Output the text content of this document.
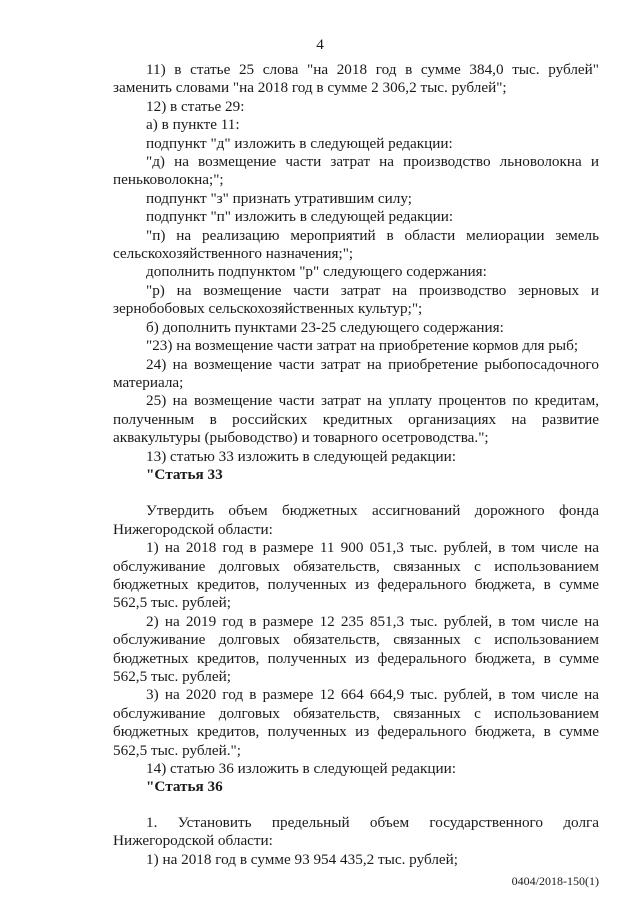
4

11) в статье 25 слова "на 2018 год в сумме 384,0 тыс. рублей" заменить словами "на 2018 год в сумме 2 306,2 тыс. рублей";

12) в статье 29:

а) в пункте 11:

подпункт "д" изложить в следующей редакции:

"д) на возмещение части затрат на производство льноволокна и пеньковолокна;";

подпункт "з" признать утратившим силу;

подпункт "п" изложить в следующей редакции:

"п) на реализацию мероприятий в области мелиорации земель сельскохозяйственного назначения;";

дополнить подпунктом "р" следующего содержания:

"р) на возмещение части затрат на производство зерновых и зернобобовых сельскохозяйственных культур;";

б) дополнить пунктами 23-25 следующего содержания:

"23) на возмещение части затрат на приобретение кормов для рыб;

24) на возмещение части затрат на приобретение рыбопосадочного материала;

25) на возмещение части затрат на уплату процентов по кредитам, полученным в российских кредитных организациях на развитие аквакультуры (рыбоводство) и товарного осетроводства.";

13) статью 33 изложить в следующей редакции:

"Статья 33

Утвердить объем бюджетных ассигнований дорожного фонда Нижегородской области:

1) на 2018 год в размере 11 900 051,3 тыс. рублей, в том числе на обслуживание долговых обязательств, связанных с использованием бюджетных кредитов, полученных из федерального бюджета, в сумме 562,5 тыс. рублей;

2) на 2019 год в размере 12 235 851,3 тыс. рублей, в том числе на обслуживание долговых обязательств, связанных с использованием бюджетных кредитов, полученных из федерального бюджета, в сумме 562,5 тыс. рублей;

3) на 2020 год в размере 12 664 664,9 тыс. рублей, в том числе на обслуживание долговых обязательств, связанных с использованием бюджетных кредитов, полученных из федерального бюджета, в сумме 562,5 тыс. рублей.";

14) статью 36 изложить в следующей редакции:

"Статья 36

1. Установить предельный объем государственного долга Нижегородской области:

1) на 2018 год в сумме 93 954 435,2 тыс. рублей;

0404/2018-150(1)
